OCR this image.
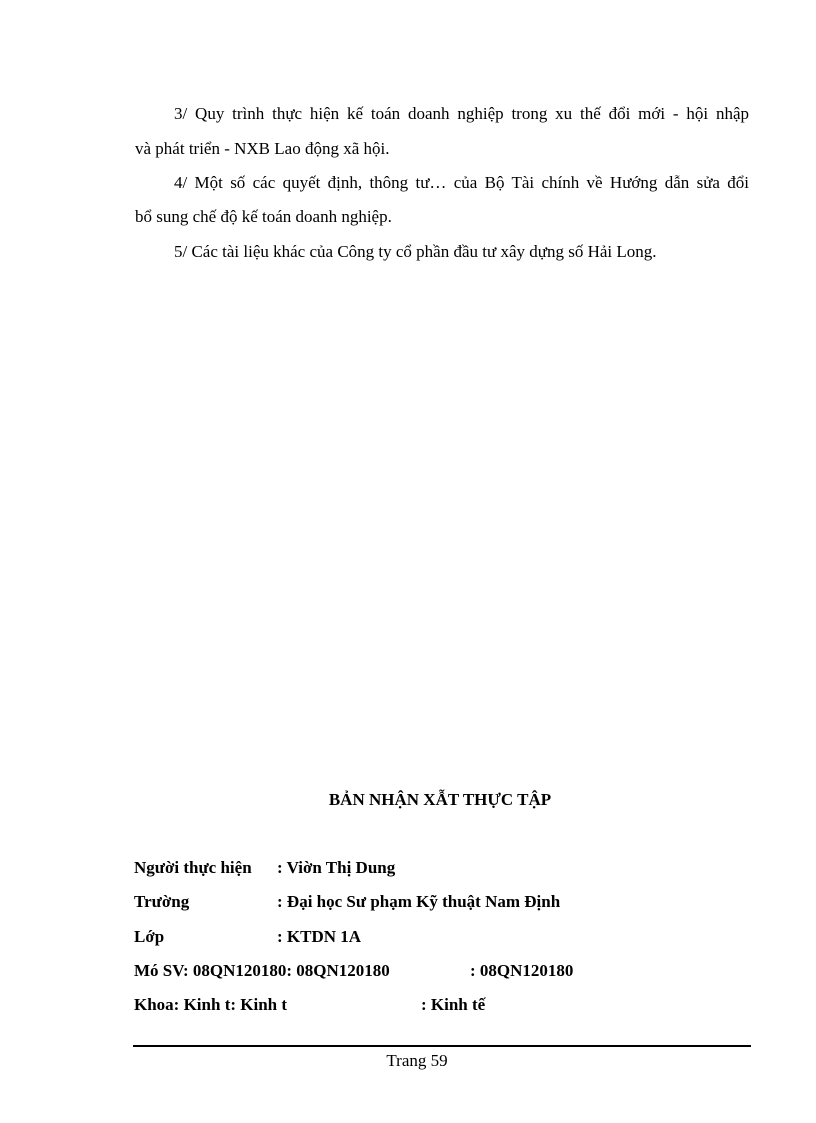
3/ Quy trình thực hiện kế toán doanh nghiệp trong xu thế đổi mới - hội nhập
và phát triển - NXB Lao động xã hội.
4/ Một số các quyết định, thông tư… của Bộ Tài chính về Hướng dẫn sửa đổi
bổ sung chế độ kế toán doanh nghiệp.
5/ Các tài liệu khác của Công ty cổ phần đầu tư xây dựng số Hải Long.
BẢN NHẬN XẪT THỰC TẬP
Người thực hiện : Viờn Thị Dung
Trường	: Đại học Sư phạm Kỹ thuật Nam Định
Lớp	: KTDN 1A
Mó SV: 08QN120180: 08QN120180	: 08QN120180
Khoa: Kinh t: Kinh t	: Kinh tế
Trang 59
